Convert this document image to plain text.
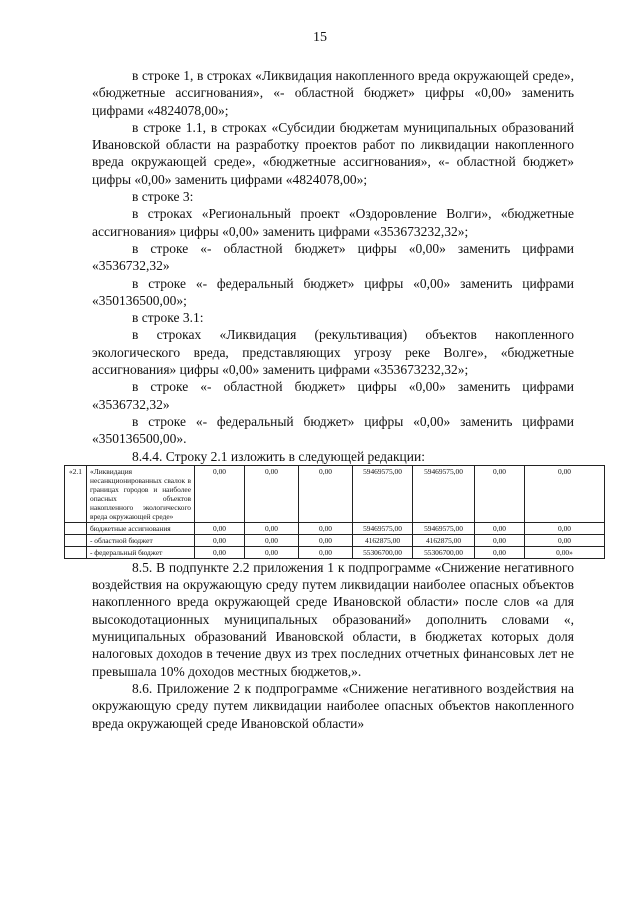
15

в строке 1, в строках «Ликвидация накопленного вреда окружающей среде», «бюджетные ассигнования», «- областной бюджет» цифры «0,00» заменить цифрами «4824078,00»;

в строке 1.1, в строках «Субсидии бюджетам муниципальных образований Ивановской области на разработку проектов работ по ликвидации накопленного вреда окружающей среде», «бюджетные ассигнования», «- областной бюджет» цифры «0,00» заменить цифрами «4824078,00»;

в строке 3:

в строках «Региональный проект «Оздоровление Волги», «бюджетные ассигнования» цифры «0,00» заменить цифрами «353673232,32»;

в строке «- областной бюджет» цифры «0,00» заменить цифрами «3536732,32»

в строке «- федеральный бюджет» цифры «0,00» заменить цифрами «350136500,00»;

в строке 3.1:

в строках «Ликвидация (рекультивация) объектов накопленного экологического вреда, представляющих угрозу реке Волге», «бюджетные ассигнования» цифры «0,00» заменить цифрами «353673232,32»;

в строке «- областной бюджет» цифры «0,00» заменить цифрами «3536732,32»

в строке «- федеральный бюджет» цифры «0,00» заменить цифрами «350136500,00».

8.4.4. Строку 2.1 изложить в следующей редакции:

«2.1	«Ликвидация несанкционированных свалок в границах городов и наиболее опасных объектов накопленного экологического вреда окружающей среде»	0,00	0,00	0,00	59469575,00	59469575,00	0,00	0,00
	бюджетные ассигнования	0,00	0,00	0,00	59469575,00	59469575,00	0,00	0,00
	- областной бюджет	0,00	0,00	0,00	4162875,00	4162875,00	0,00	0,00
	- федеральный бюджет	0,00	0,00	0,00	55306700,00	55306700,00	0,00	0,00»

8.5. В подпункте 2.2 приложения 1 к подпрограмме «Снижение негативного воздействия на окружающую среду путем ликвидации наиболее опасных объектов накопленного вреда окружающей среде Ивановской области» после слов «а для высокодотационных муниципальных образований» дополнить словами «, муниципальных образований Ивановской области, в бюджетах которых доля налоговых доходов в течение двух из трех последних отчетных финансовых лет не превышала 10% доходов местных бюджетов,».

8.6. Приложение 2 к подпрограмме «Снижение негативного воздействия на окружающую среду путем ликвидации наиболее опасных объектов накопленного вреда окружающей среде Ивановской области»
